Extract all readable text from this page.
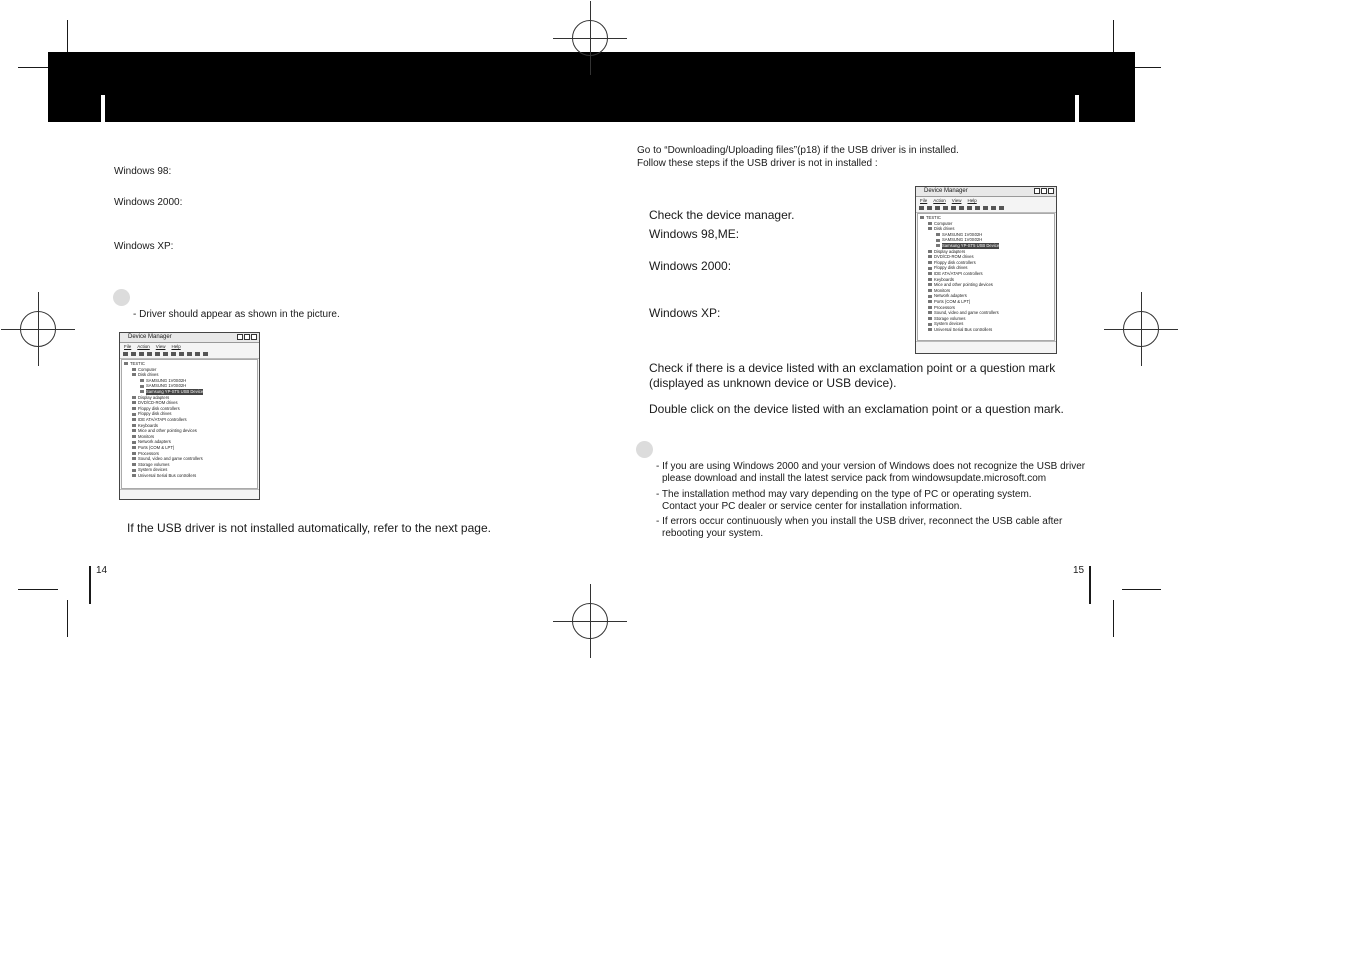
Windows 98:
Windows 2000:
Windows XP:
- Driver should appear as shown in the picture.
Device Manager
File Action View Help
TESTIC
Computer
Disk drives
SAMSUNG 1V0S02H
SAMSUNG 1V0S02H
Samsung YP-ST5 USB Device
Display adapters
DVD/CD-ROM drives
Floppy disk controllers
Floppy disk drives
IDE ATA/ATAPI controllers
Keyboards
Mice and other pointing devices
Monitors
Network adapters
Ports (COM & LPT)
Processors
Sound, video and game controllers
Storage volumes
System devices
Universal Serial Bus controllers
If the USB driver is not installed automatically, refer to the next page.
14
Go to “Downloading/Uploading files”(p18) if the USB driver is in installed.
Follow these steps if the USB driver is not in installed :
Check the device manager.
Windows 98,ME:
Windows 2000:
Windows XP:
Device Manager
File Action View Help
TESTIC
Computer
Disk drives
SAMSUNG 1V0S02H
SAMSUNG 1V0S02H
Samsung YP-ST5 USB Device
Display adapters
DVD/CD-ROM drives
Floppy disk controllers
Floppy disk drives
IDE ATA/ATAPI controllers
Keyboards
Mice and other pointing devices
Monitors
Network adapters
Ports (COM & LPT)
Processors
Sound, video and game controllers
Storage volumes
System devices
Universal Serial Bus controllers
Check if there is a device listed with an exclamation point or a question mark
(displayed as unknown device or USB device).
Double click on the device listed with an exclamation point or a question mark.
- If you are using Windows 2000 and your version of Windows does not recognize the USB driver
please download and install the latest service pack from windowsupdate.microsoft.com
- The installation method may vary depending on the type of PC or operating system.
Contact your PC dealer or service center for installation information.
- If errors occur continuously when you install the USB driver, reconnect the USB cable after
rebooting your system.
15
